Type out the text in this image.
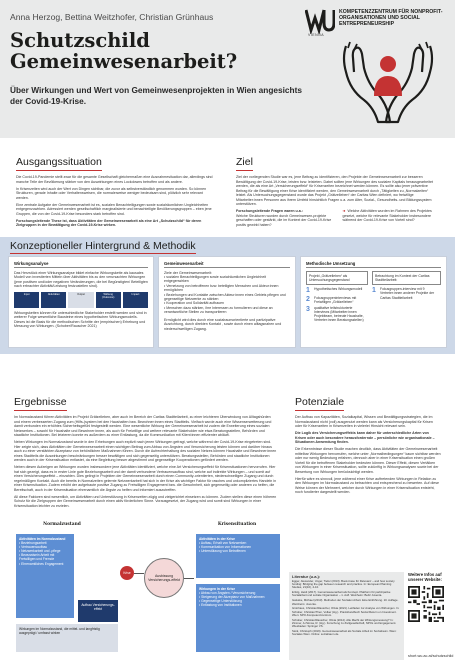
Anna Herzog, Bettina Weitzhofer, Christian Grünhaus
Schutzschild
Gemeinwesenarbeit?
Über Wirkungen und Wert von Gemeinwesenprojekten in Wien angesichts der Covid-19-Krise.
VIENNA
KOMPETENZZENTRUM FÜR NONPROFIT-ORGANISATIONEN UND SOCIAL ENTREPRENEURSHIP
Ausgangssituation

Die Covid-19-Pandemie stellt zwar für die gesamte Gesellschaft gleichermaßen eine Ausnahmesituation dar, allerdings sind manche Teile der Bevölkerung stärker von den Auswirkungen eines Lockdowns betroffen und als andere.

In Krisenzeiten wird auch der Wert von Dingen sichtbar, die zuvor als selbstverständlich genommen wurden. So können Strukturen, gerade Inhalte oder Verhaltensweisen, die normalerweise weniger bedeutsam sind, plötzlich sehr relevant werden.

Eine zentrale Aufgabe der Gemeinwesenarbeit ist es, sozialen Benachteiligungen sowie sozialräumlichen Ungleichheiten entgegenzuwirken. Adressiert werden gesellschaftlich marginalisierte und benachteiligte Bevölkerungsgruppen – eben jene Gruppen, die von der Covid-19-Krise besonders stark betroffen sind.

Forschungsleitende These ist, dass Aktivitäten der Gemeinwesenarbeit als eine Art „Schutzschild“ für deren Zielgruppen in der Bewältigung der Covid-19-Krise wirken.

Ziel

Ziel der vorliegenden Studie war es, jene Beitrag zu identifizieren, den Projekte der Gemeinwesenarbeit zur besseren Bewältigung der Covid-19-Krise, leisten bzw. leisteten. Dabei sollten jene Wirkungen des sozialen Kapitals herausgearbeitet werden, die als eine Art „Versicherungseffekt“ für Krisenzeiten bezeichnet werden können. Es sollte also jener präventive Beitrag für die Bewältigung einer Krise identifiziert werden, den Gemeinwesenarbeit durch „Tätigkeiten zu „Normalzeiten“ leistet. Als Untersuchungsgegenstand wurde das Projekt „Grätzelleben“ der Caritas Wien definiert, wo freiwillige Mitarbeiter:innen Personen aus ihrem Umfeld hinsichtlich Fragen u.a. zum Alter, Sozial-, Gesundheits- und Bildungssystem unterstützen.

Forschungsleitende Fragen waren u.a.:
Welche Strukturen wurden durch Gemeinwesen-projekte geschaffen oder gestärkt, die im Kontext der Covid-19-Krise positiv gewirkt haben?
➜ Welche Aktivitäten wurden im Rahmen des Projektes gesetzt, welche für relevante Stakeholder insbesondere während der Covid-19-Krise von Vorteil sind?
Konzeptioneller Hintergrund & Methodik
Wirkungsanalyse
Das Herzstück einer Wirkungsanalyse bildet einfache Wirkungskette als kausales Modell von investierten Mitteln über Aktivitäten bis zu den verursachten Wirkungen (jene positiven und/oder negativen Veränderungen, die bei Begünstigten/ Beteiligten nach erbrachter Aktivität/Leistung festzustellen sind).
Input	Aktivitäten	Output	Wirkung (Outcome)
Impact
Wirkungsketten können für unterschiedliche Stakeholder erstellt werden und sind in weiterer Folge wesentliche Bausteine eines hypothetischen Wirkungsmodells. Dieses ist die Basis für die methodischen Schritte der (empirischen) Erhebung und Messung von Wirkungen. (Schober/Rauscher 2021)
Gemeinwesenarbeit
Ziele der Gemeinwesenarbeit:
• sozialen Benachteiligungen sowie sozialräumlichen Ungleichheit entgegenwirken
• Vernetzung von betroffenen bzw. beteiligten Menschen und Akteur:innen ermöglichen
• Beziehungen und Kontakte zwischen Akteur:innen eines Gebiets pflegen und gegenseitige Netzwerke zu stärken
• Kooperation und Solidarität aufbauen
• Menschen dazu stärken, ihre Interessen zu formulieren und diese an verantwortliche Stellen zu transportieren
Ermöglicht wird dies durch eine sozialraumorientierte und partizipative Ausrichtung, durch direkten Kontakt , sowie durch einen alltagsnahen und niederschwelligen Zugang.
Methodische Umsetzung
Projekt „Grätzelleben“ als Untersuchungsgegenstand
1	Hypothetisches Wirkungsmodell
2	Fokusgruppeninterviews mit Freiwilligen „Grätzelleben“
3	qualitative teilstrukturierte Interviews (Mitarbeiter:innen Projektteam, betreute Haushalte, Vertreter:innen Beratungsstellen)
Betrachtung im Kontext der Caritas Stadtteilarbeit:
1	Fokusgruppen-interview mit 9 Vertreter:innen anderer Projekte der Caritas Stadtteilarbeit
Ergebnisse

Im Normalzustand führen Aktivitäten im Projekt Grätzelleben, aber auch im Bereich der Caritas Stadtteilarbeit, zu einer leichteren Überwindung von Alltagshürden und einem verbesserten Zugang zum (Hilfs-)system bei den Haushalten bzw. Bewohner:innen eines Stadtteils. Vielfach wurde auch eine Wissenserweiterung und damit verbunden ein erhöhtes Sicherheitsgefühl festgestellt werden. Eine wesentliche Wirkung der Gemeinwesenarbeit ist zudem die Erweiterung eines sozialen Netzwerkes – sowohl für Haushalte und Bewohner:innen, als auch für Freiwillige und weitere relevante Stakeholder wie etwa Beratungsstellen, Behörden und staatliche Institutionen. Bei letzteren konnte es außerdem zu einer Entlastung, da die Kommunikation mit Klient:innen effizienter abläuft.

Neben Wirkungen im Normalzustand wurde in den Erhebungen auch explizit nach jenen Wirkungen gefragt, welche während der Covid-19-Krise eingetreten sind. Hier zeigte sich, dass Aktivitäten der Gemeinwesenarbeit einen wichtigen Beitrag zum Abbau von Ängsten und Verunsicherung leisten können und darüber hinaus auch zu einer verstärkten Akzeptanz von behördlichen Maßnahmen führen. Durch die Aufrechterhaltung des sozialen Netzes können Haushalte und Bewohner:innen eines Stadtteils die Auswirkungen beschränkungen besser bewältigen und sich gegenseitig unterstützen. Beratungsstellen, Behörden und staatliche Institutionen werden auch in der Krisensituation entlastet, da eine Begleitung besser abgestimmt und gegenseitige Kooperationen gefördert werden.

Neben diesen Aufzeigen an Wirkungen wurden insbesondere jene Aktivitäten identifiziert, welche eine Art Versicherungseffekt für Krisensituationen hervorrufen. Hier hat sich gezeigt, dass es in erster Linie gute Beziehungsarbeit und der damit verbundene Vertrauensaufbau sind, welche auf indirekte Wirkungen – und somit auf einen Versicherungseffekt – einzahlen. Dies gelingt in Projekten der Gemeinwesenarbeit durch einen Community-orientierten, niederschwelligen Zugang und durch regelmäßigen Kontakt. Auch die bereits in Normalzeiten gelernte Netzwerkarbeit hat sich in der Krise als wichtiger Faktor für rasches und unkompliziertes Handeln in einer Krisensituation. Zudem erhöht der aufgebaute positive Zugang zu Freiwilligen Engagement bzw. die Gewohnheit, sich gegenseitig oder anderen zu helfen, die Bereitschaft, auch in der Krisensituation ehrenamtlich die Ärgste zu helfen und informiert auszutreffen.

All diese Faktoren sind wesentlich, um Aktivitäten und Unterstützung in Krisenzeiten zügig und zielgerichtet einsetzen zu können. Zudem stellen diese einen höheren Schutz für die Zielgruppen der Gemeinwesenarbeit durch einen aktiv förderlichen Sinne. Vorausgesetzt, der Zugang wird und somit sind Wirkungen in einer Krisensituation leichter zu erzielen.

Normalzustand
Aktivitäten im Normalzustand
• Beziehungsarbeit
• Vertrauensaufbau
• Netzwerkarbeit und -pflege
• Bewusstsein Arbeit mit Freiwilligen und Fremde
• Ehrenamtliches Engagement
Aufbau Versicherungs-effekt
Wirkungen im Normalzustand, die mittel- und langfristig ausgeprägt / umfasst wirken
Krise
Ausbissung Versicherungs-effekt
Krisensituation
Aktivitäten in der Krise
• Aufbau, Erhalt von Netzwerken
• Kommunikation von Informationen
• Unterstützung von Betroffenen
Wirkungen in der Krise
• Abbau von Ängsten / Verunsicherung
• Steigerung der Akzeptanz von Maßnahmen
• Gegenseitige Unterstützung
• Entlastung von Institutionen
Potenziale

Der Aufbau von Kapazitäten, Sozialkapital, Wissen und Bewältigungsstrategien, die im Normalzustand nicht (voll) ausgenutzt werden kann als Versicherungskapital für Krisen oder für Krisenzeiten in Krisenzeiten in vielerlei Hinsicht relevant sein.

Die Logik des Versicherungseffekts kann daher für unterschiedliche Arten von Krisen oder auch besondere herausfordernde – persönliche wie organisationale – Situationen Anwendung finden.

Die Erkenntnisse dieser Studie machen deutlich, dass Aktivitäten der Gemeinwesenarbeit mittelbar Wirkungen hervorrufen, welche unter „Normalbedingungen“ kaum sichtbar werden oder nur wenig Bedeutung erfahren, dennoch aber in einer Krisensituation einen großen Vorteil für die betroffenen Stakeholder bedeuten können. Dieser Effekt, diesen Vertäiken von Wirkungen in einer Krisensituation, sollte zukünftig in Wirkungsanalysen sowie bei der Bewertung von Wirkungen berücksichtigt werden.

Hierfür wäre es sinnvoll, jene während einer Krise auftretenden Wirkungen in Relation zu den Wirkungen im Normalzustand zu betrachten und entsprechend zu bewerten. Auf diese Weise können der Mehrwert, welcher durch Wirkungen in einer Krisensituation entsteht, noch fundierter dargestellt werden.

Literatur (u.a.):
Egger, Alexander, Unger, Tiefer (2013). Book-Case für Relevanz – and how society funding: Bridging the gap between research and practice. In: European Planning Studies, 21(10), 4-10.
Erfolg, Heidi (2017). Gemeinwesenarbeit als Konzept. Plattform für partizipative Sozialarbeit und soziale Organisation – 1. Aufl. Weinheim: Beltz Juventa.
Galuske, Michael (2013). Methoden der Sozialen Arbeit. Eine Einführung. 10. Auflage. Weinheim: Juventa.
Grünhaus, Christian/Rauscher, Olivia (2021). Leitfaden zur Analyse von Wirkungen. In: Schober, Christian/Then, Volker (Hg.). Praxishandbuch Social Return on Investment. Wien: NPO-Kompetenzzentrum.
Schober, Christian/Rauscher, Olivia (2014). Alle Macht der Wirkungsmessung? In: Zimmer, A./Simsa, R. (Hg.). Forschung zu Zivilgesellschaft, NPOs und Engagement. Wiesbaden: Springer VS.
Stoik, Christoph (2019). Gemeinwesenarbeit als Soziale Arbeit im Sozialraum. Wien: Soziales Wien. Online: sozialraum.de.
Weitere Infos auf unserer Website:
short.wu.ac.at/schutzschild
